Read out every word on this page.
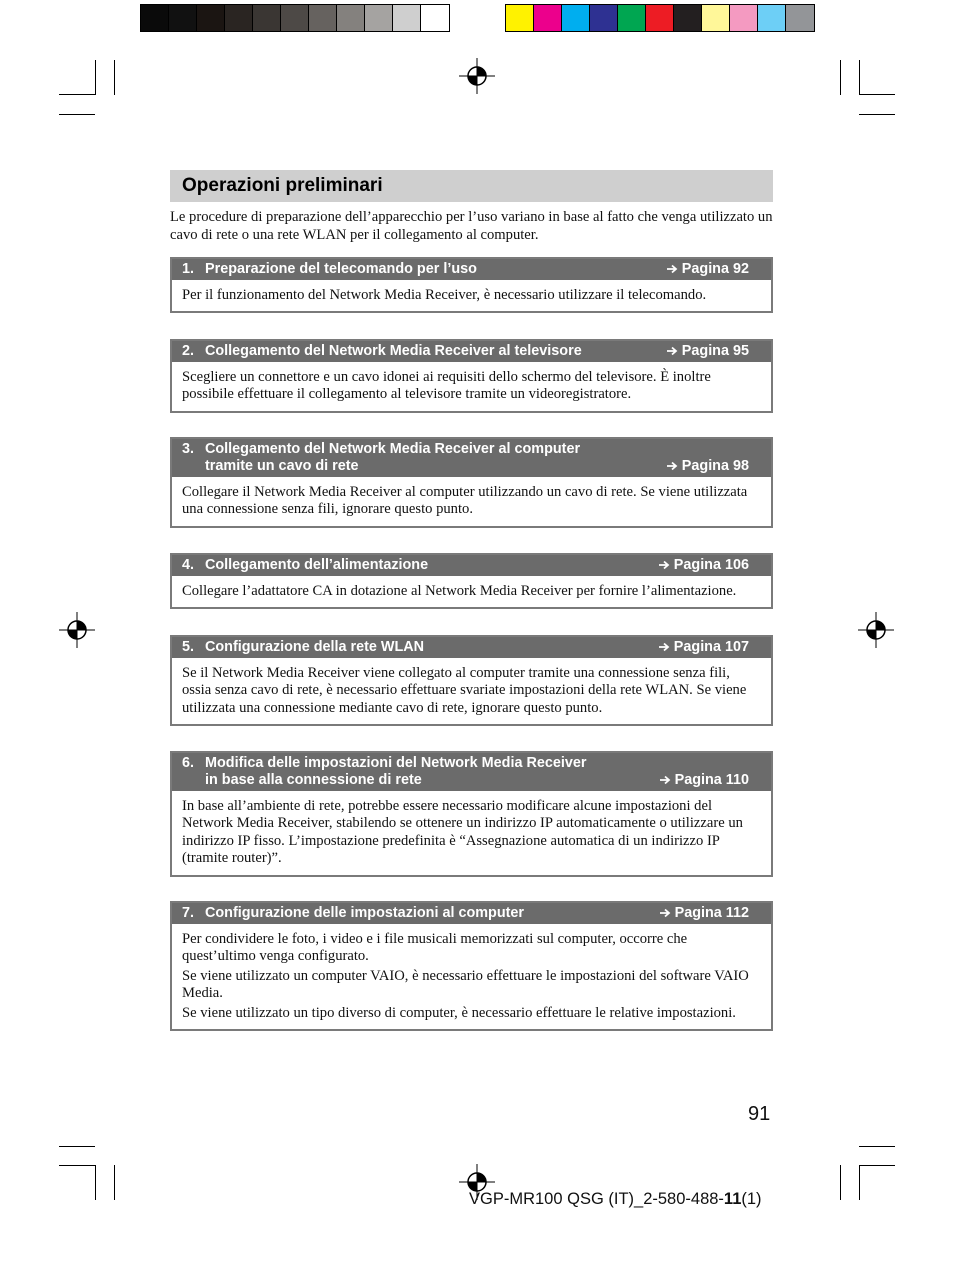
Operazioni preliminari

Le procedure di preparazione dell’apparecchio per l’uso variano in base al fatto che venga utilizzato un cavo di rete o una rete WLAN per il collegamento al computer.

1. Preparazione del telecomando per l’uso	Pagina 92

Per il funzionamento del Network Media Receiver, è necessario utilizzare il telecomando.

2. Collegamento del Network Media Receiver al televisore	Pagina 95

Scegliere un connettore e un cavo idonei ai requisiti dello schermo del televisore. È inoltre possibile effettuare il collegamento al televisore tramite un videoregistratore.

3. Collegamento del Network Media Receiver al computer
tramite un cavo di rete	Pagina 98

Collegare il Network Media Receiver al computer utilizzando un cavo di rete. Se viene utilizzata una connessione senza fili, ignorare questo punto.

4. Collegamento dell’alimentazione	Pagina 106

Collegare l’adattatore CA in dotazione al Network Media Receiver per fornire l’alimentazione.

5. Configurazione della rete WLAN	Pagina 107

Se il Network Media Receiver viene collegato al computer tramite una connessione senza fili, ossia senza cavo di rete, è necessario effettuare svariate impostazioni della rete WLAN. Se viene utilizzata una connessione mediante cavo di rete, ignorare questo punto.

6. Modifica delle impostazioni del Network Media Receiver
in base alla connessione di rete	Pagina 110

In base all’ambiente di rete, potrebbe essere necessario modificare alcune impostazioni del Network Media Receiver, stabilendo se ottenere un indirizzo IP automaticamente o utilizzare un indirizzo IP fisso. L’impostazione predefinita è “Assegnazione automatica di un indirizzo IP (tramite router)”.

7. Configurazione delle impostazioni al computer	Pagina 112

Per condividere le foto, i video e i file musicali memorizzati sul computer, occorre che quest’ultimo venga configurato.

Se viene utilizzato un computer VAIO, è necessario effettuare le impostazioni del software VAIO Media.

Se viene utilizzato un tipo diverso di computer, è necessario effettuare le relative impostazioni.

91
VGP-MR100 QSG (IT)_2-580-488-11(1)
